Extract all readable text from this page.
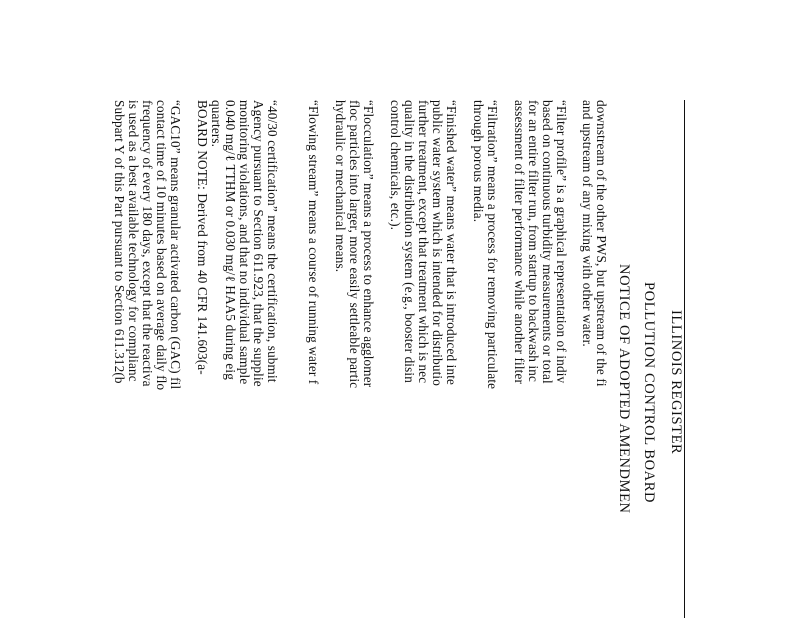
ILLINOIS REGISTER
POLLUTION CONTROL BOARD
NOTICE OF ADOPTED AMENDMEN
downstream of the other PWS, but upstream of the fi
and upstream of any mixing with other water.
“Filter profile” is a graphical representation of indiv
based on continuous turbidity measurements or total
for an entire filter run, from startup to backwash inc
assessment of filter performance while another filter
“Filtration” means a process for removing particulate
through porous media.
“Finished water” means water that is introduced inte
public water system which is intended for distributio
further treatment, except that treatment which is nec
quality in the distribution system (e.g., booster disin
control chemicals, etc.).
“Flocculation” means a process to enhance agglomer
floc particles into larger, more easily settleable partic
hydraulic or mechanical means.
“Flowing stream” means a course of running water f
“40/30 certification” means the certification, submit
Agency pursuant to Section 611.923, that the supplie
monitoring violations, and that no individual sample
0.040 mg/ℓ TTHM or 0.030 mg/ℓ HAA5 during eig
quarters.
BOARD NOTE: Derived from 40 CFR 141.603(a-
“GAC10” means granular activated carbon (GAC) fil
contact time of 10 minutes based on average daily flo
frequency of every 180 days, except that the reactiva
is used as a best available technology for complianc
Subpart Y of this Part pursuant to Section 611.312(b
